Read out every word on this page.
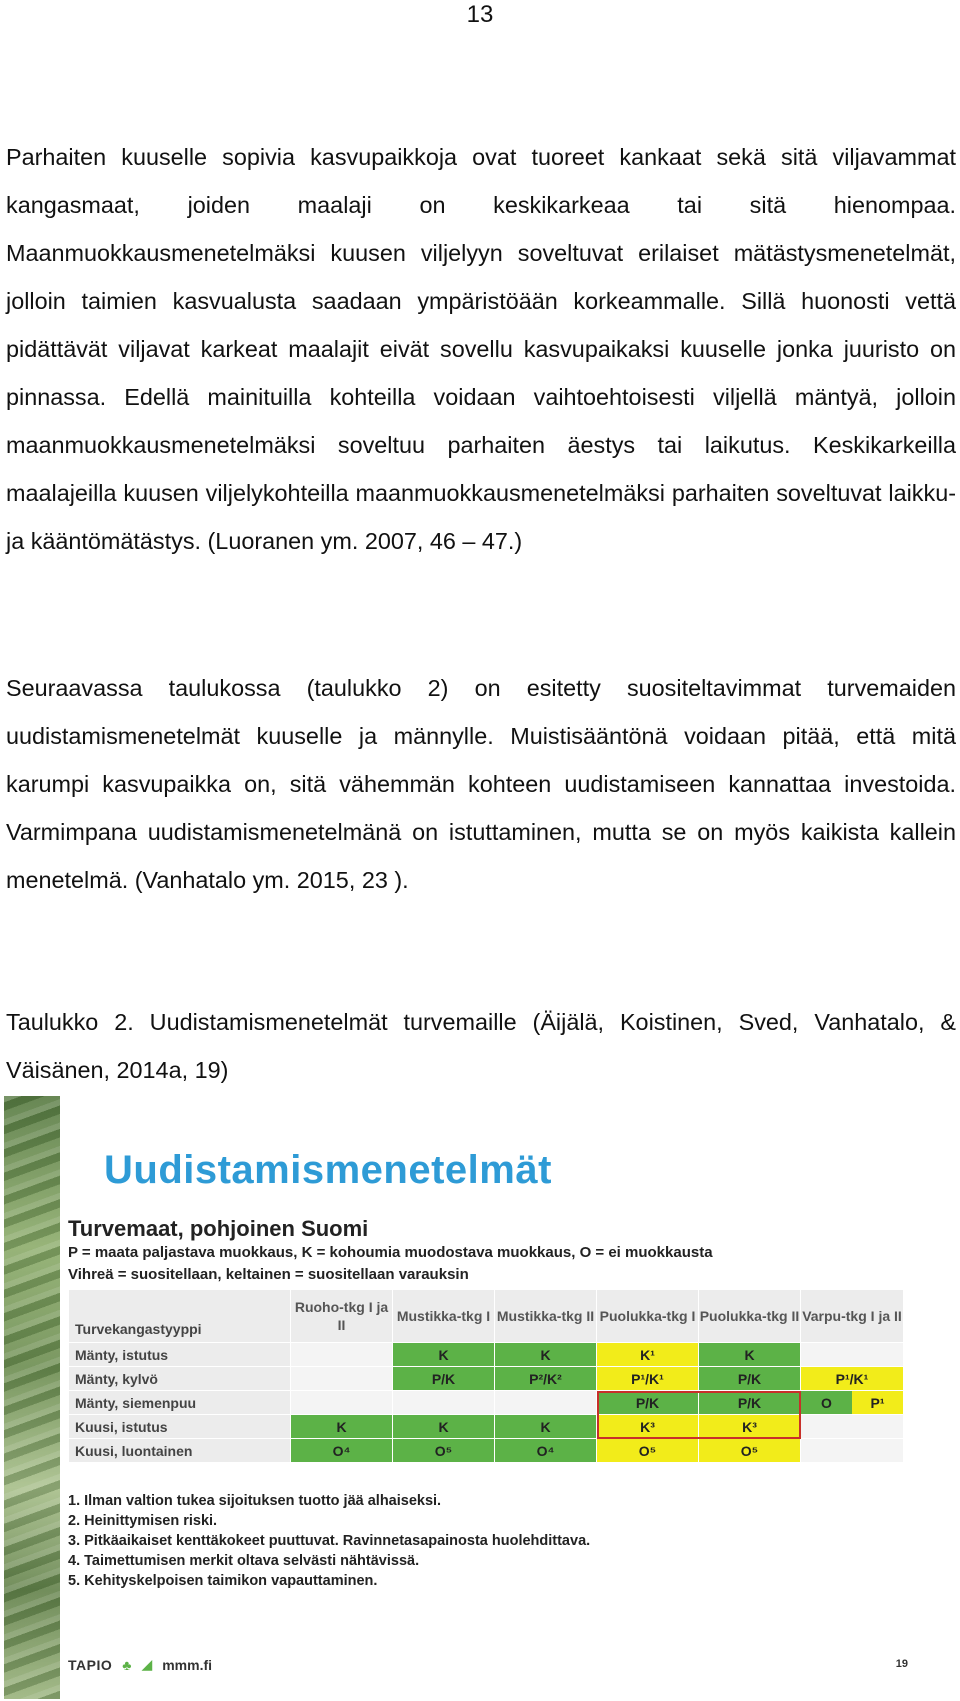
13

Parhaiten kuuselle sopivia kasvupaikkoja ovat tuoreet kankaat sekä sitä viljavammat kangasmaat, joiden maalaji on keskikarkeaa tai sitä hienompaa. Maanmuokkausmenetelmäksi kuusen viljelyyn soveltuvat erilaiset mätästysmenetelmät, jolloin taimien kasvualusta saadaan ympäristöään korkeammalle. Sillä huonosti vettä pidättävät viljavat karkeat maalajit eivät sovellu kasvupaikaksi kuuselle jonka juuristo on pinnassa. Edellä mainituilla kohteilla voidaan vaihtoehtoisesti viljellä mäntyä, jolloin maanmuokkausmenetelmäksi soveltuu parhaiten äestys tai laikutus. Keskikarkeilla maalajeilla kuusen viljelykohteilla maanmuokkausmenetelmäksi parhaiten soveltuvat laikku- ja kääntömätästys. (Luoranen ym. 2007, 46 – 47.)

Seuraavassa taulukossa (taulukko 2) on esitetty suositeltavimmat turvemaiden uudistamismenetelmät kuuselle ja männylle. Muistisääntönä voidaan pitää, että mitä karumpi kasvupaikka on, sitä vähemmän kohteen uudistamiseen kannattaa investoida. Varmimpana uudistamismenetelmänä on istuttaminen, mutta se on myös kaikista kallein menetelmä. (Vanhatalo ym. 2015, 23 ).

Taulukko 2. Uudistamismenetelmät turvemaille (Äijälä, Koistinen, Sved, Vanhatalo, & Väisänen, 2014a, 19)

Uudistamismenetelmät
Turvemaat, pohjoinen Suomi

P = maata paljastava muokkaus, K = kohoumia muodostava muokkaus, O = ei muokkausta

Vihreä = suositellaan, keltainen = suositellaan varauksin

Turvekangastyyppi	Ruoho-tkg I ja II	Mustikka-tkg I	Mustikka-tkg II	Puolukka-tkg I	Puolukka-tkg II	Varpu-tkg I ja II
Mänty, istutus		K	K	K¹	K	
Mänty, kylvö		P/K	P²/K²	P¹/K¹	P/K	P¹/K¹
Mänty, siemenpuu				P/K	P/K	O P¹

Kuusi, istutus	K	K	K	K³	K³	
Kuusi, luontainen	O⁴	O⁵	O⁴	O⁵	O⁵	
1. Ilman valtion tukea sijoituksen tuotto jää alhaiseksi.
2. Heinittymisen riski.
3. Pitkäaikaiset kenttäkokeet puuttuvat. Ravinnetasapainosta huolehdittava.
4. Taimettumisen merkit oltava selvästi nähtävissä.
5. Kehityskelpoisen taimikon vapauttaminen.
TAPIO ♣ ◢ mmm.fi	19
